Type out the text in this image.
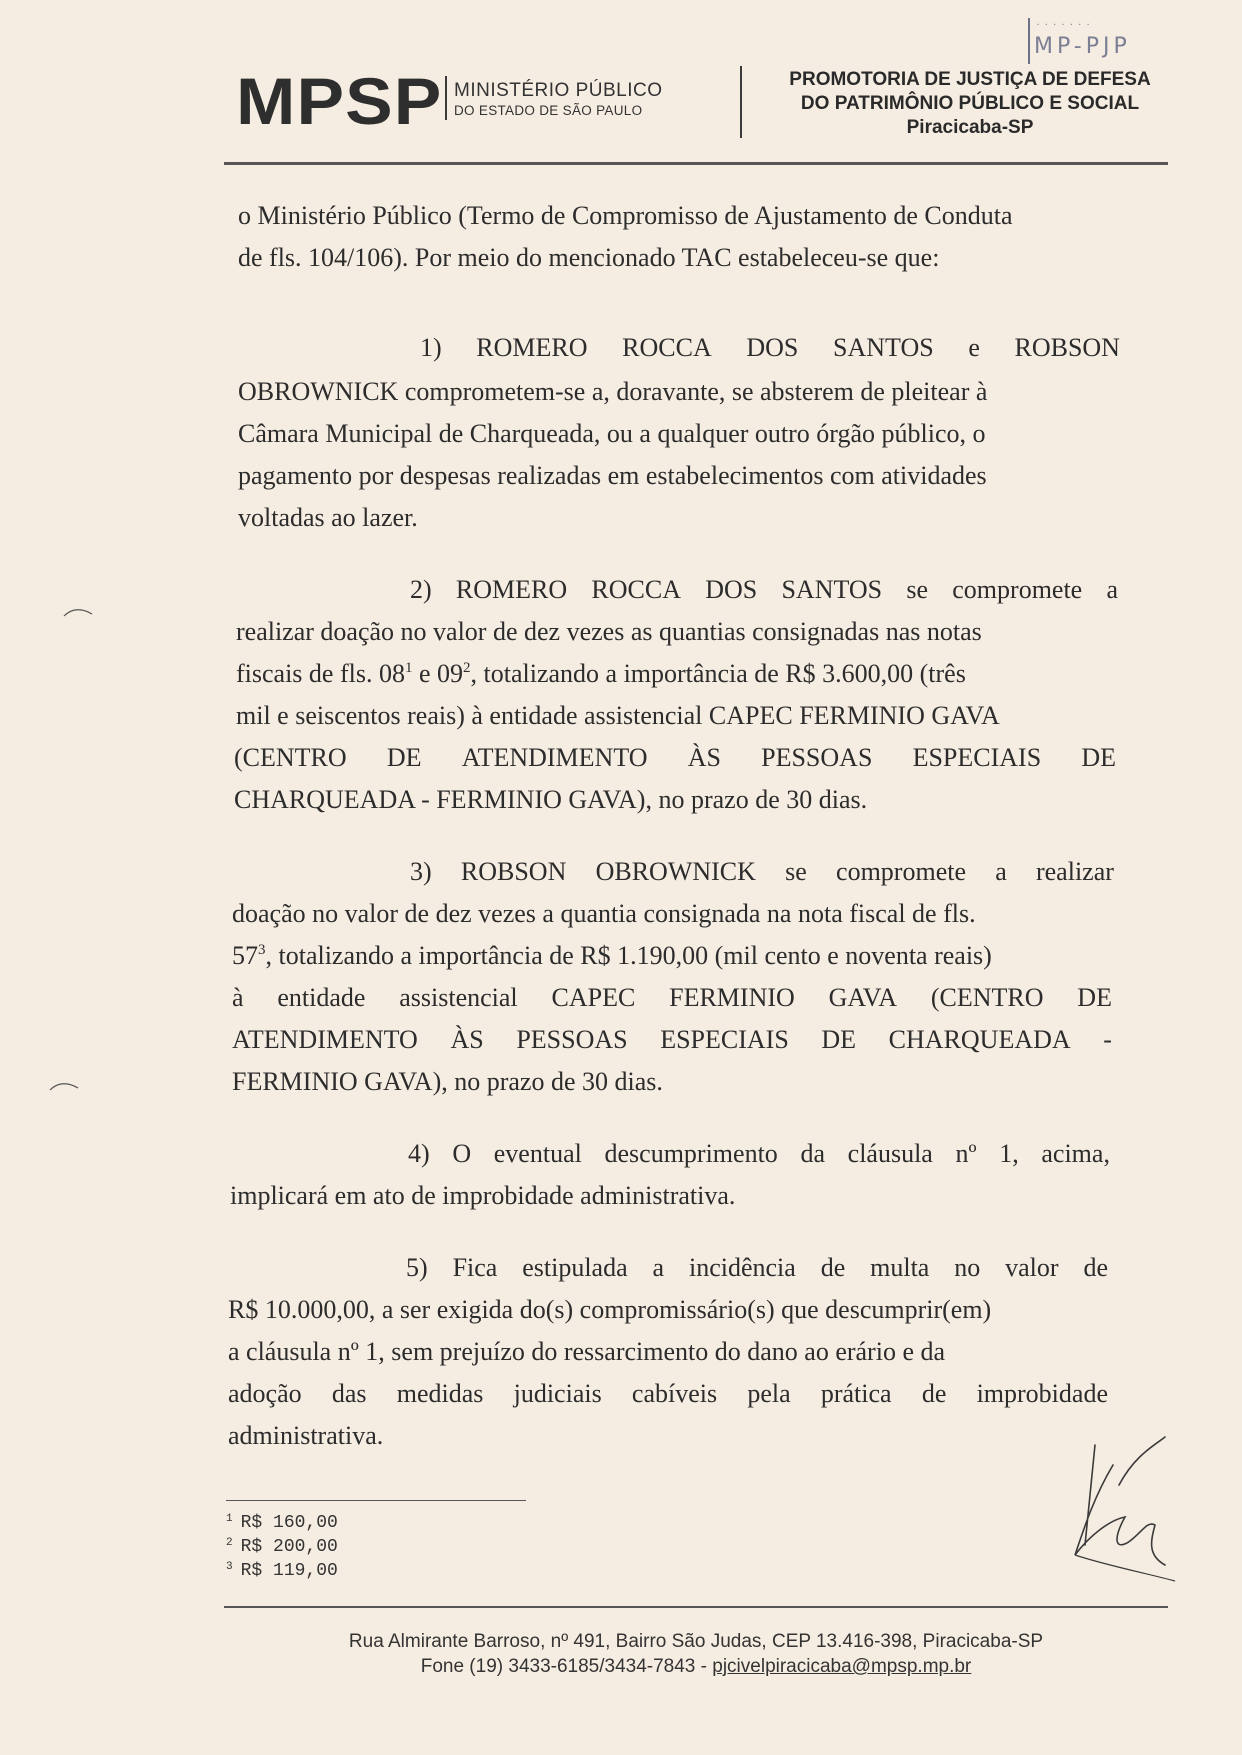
MPSP MINISTÉRIO PÚBLICO
DO ESTADO DE SÃO PAULO
PROMOTORIA DE JUSTIÇA DE DEFESA
DO PATRIMÔNIO PÚBLICO E SOCIAL
Piracicaba-SP
· · · · · · · ·
MP-PJP
o Ministério Público (Termo de Compromisso de Ajustamento de Conduta
de fls. 104/106). Por meio do mencionado TAC estabeleceu-se que:
1) ROMERO ROCCA DOS SANTOS e ROBSON
OBROWNICK comprometem-se a, doravante, se absterem de pleitear à
Câmara Municipal de Charqueada, ou a qualquer outro órgão público, o
pagamento por despesas realizadas em estabelecimentos com atividades
voltadas ao lazer.
2) ROMERO ROCCA DOS SANTOS se compromete a
realizar doação no valor de dez vezes as quantias consignadas nas notas
fiscais de fls. $08^1$ e $09^2$, totalizando a importância de R$ 3.600,00 (três
mil e seiscentos reais) à entidade assistencial CAPEC FERMINIO GAVA
(CENTRO DE ATENDIMENTO ÀS PESSOAS ESPECIAIS DE
CHARQUEADA - FERMINIO GAVA), no prazo de 30 dias.
3) ROBSON OBROWNICK se compromete a realizar
doação no valor de dez vezes a quantia consignada na nota fiscal de fls.
$57^3$, totalizando a importância de R$ 1.190,00 (mil cento e noventa reais)
à entidade assistencial CAPEC FERMINIO GAVA (CENTRO DE
ATENDIMENTO ÀS PESSOAS ESPECIAIS DE CHARQUEADA -
FERMINIO GAVA), no prazo de 30 dias.
4) O eventual descumprimento da cláusula nº 1, acima,
implicará em ato de improbidade administrativa.
5) Fica estipulada a incidência de multa no valor de
R$ 10.000,00, a ser exigida do(s) compromissário(s) que descumprir(em)
a cláusula nº 1, sem prejuízo do ressarcimento do dano ao erário e da
adoção das medidas judiciais cabíveis pela prática de improbidade
administrativa.
$^1$ R$ 160,00
$^2$ R$ 200,00
$^3$ R$ 119,00
Rua Almirante Barroso, nº 491, Bairro São Judas, CEP 13.416-398, Piracicaba-SP
Fone (19) 3433-6185/3434-7843 - pjcivelpiracicaba@mpsp.mp.br
